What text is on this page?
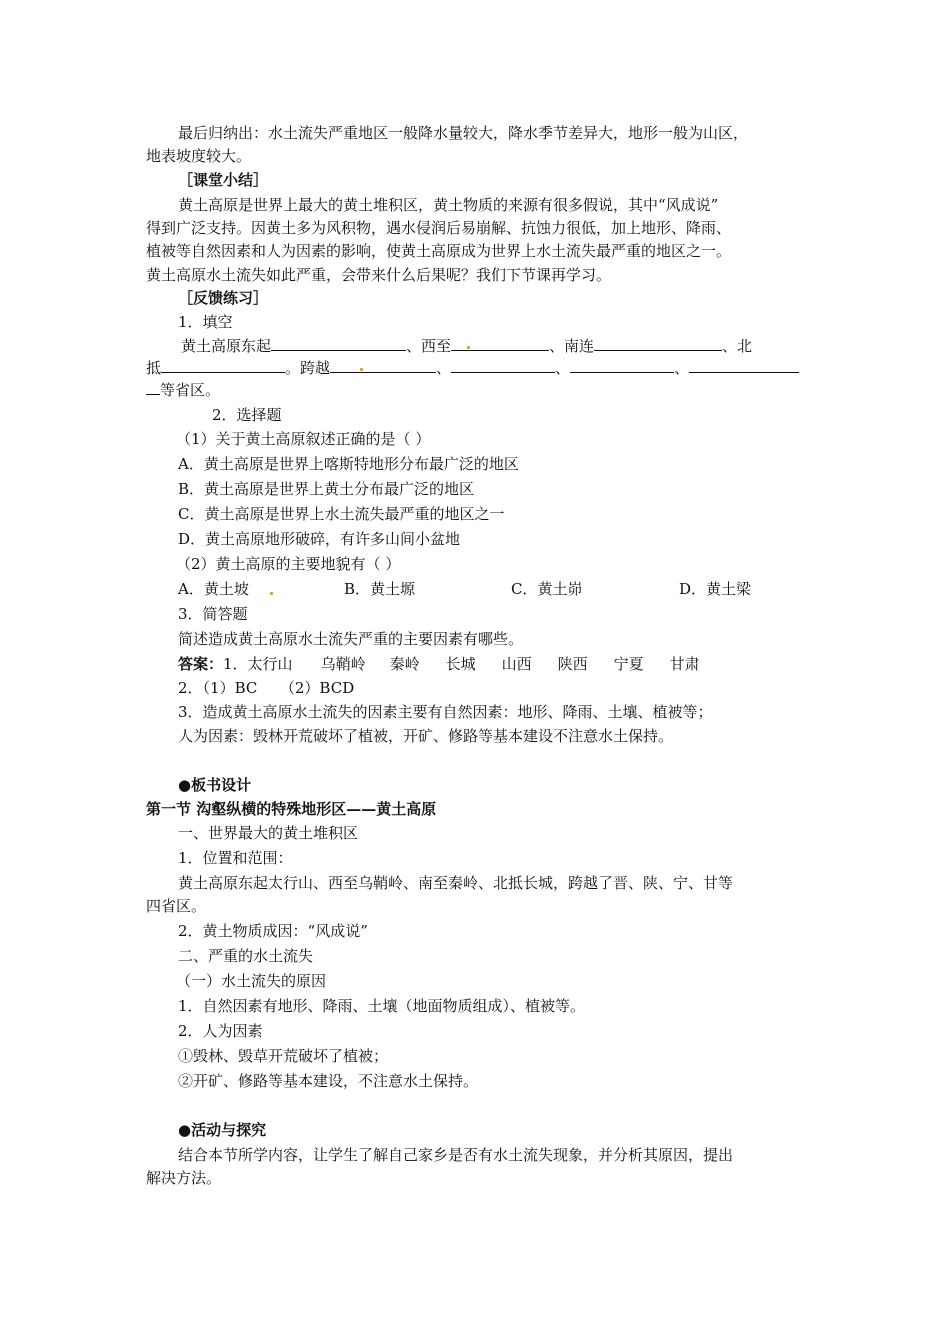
最后归纳出：水土流失严重地区一般降水量较大，降水季节差异大，地形一般为山区，
地表坡度较大。
［课堂小结］
黄土高原是世界上最大的黄土堆积区，黄土物质的来源有很多假说，其中“风成说”
得到广泛支持。因黄土多为风积物，遇水侵润后易崩解、抗蚀力很低，加上地形、降雨、
植被等自然因素和人为因素的影响，使黄土高原成为世界上水土流失最严重的地区之一。
黄土高原水土流失如此严重，会带来什么后果呢？我们下节课再学习。
［反馈练习］
1．填空
黄土高原东起	、西至	、南连	、北
抵	。跨越	、	、	、
等省区。
2．选择题
（1）关于黄土高原叙述正确的是（ ）
A．黄土高原是世界上喀斯特地形分布最广泛的地区
B．黄土高原是世界上黄土分布最广泛的地区
C．黄土高原是世界上水土流失最严重的地区之一
D．黄土高原地形破碎，有许多山间小盆地
（2）黄土高原的主要地貌有（ ）
A．黄土坡	B．黄土塬	C．黄土峁	D．黄土梁
3．简答题
简述造成黄土高原水土流失严重的主要因素有哪些。
答案：1．太行山 乌鞘岭 秦岭 长城 山西 陕西 宁夏 甘肃
2．（1）BC　　（2）BCD
3．造成黄土高原水土流失的因素主要有自然因素：地形、降雨、土壤、植被等；
人为因素：毁林开荒破坏了植被，开矿、修路等基本建设不注意水土保持。
●板书设计
第一节 沟壑纵横的特殊地形区——黄土高原
一、世界最大的黄土堆积区
1．位置和范围：
黄土高原东起太行山、西至乌鞘岭、南至秦岭、北抵长城，跨越了晋、陕、宁、甘等
四省区。
2．黄土物质成因：“风成说”
二、严重的水土流失
（一）水土流失的原因
1．自然因素有地形、降雨、土壤（地面物质组成）、植被等。
2．人为因素
①毁林、毁草开荒破坏了植被；
②开矿、修路等基本建设，不注意水土保持。
●活动与探究
结合本节所学内容，让学生了解自己家乡是否有水土流失现象，并分析其原因，提出
解决方法。
